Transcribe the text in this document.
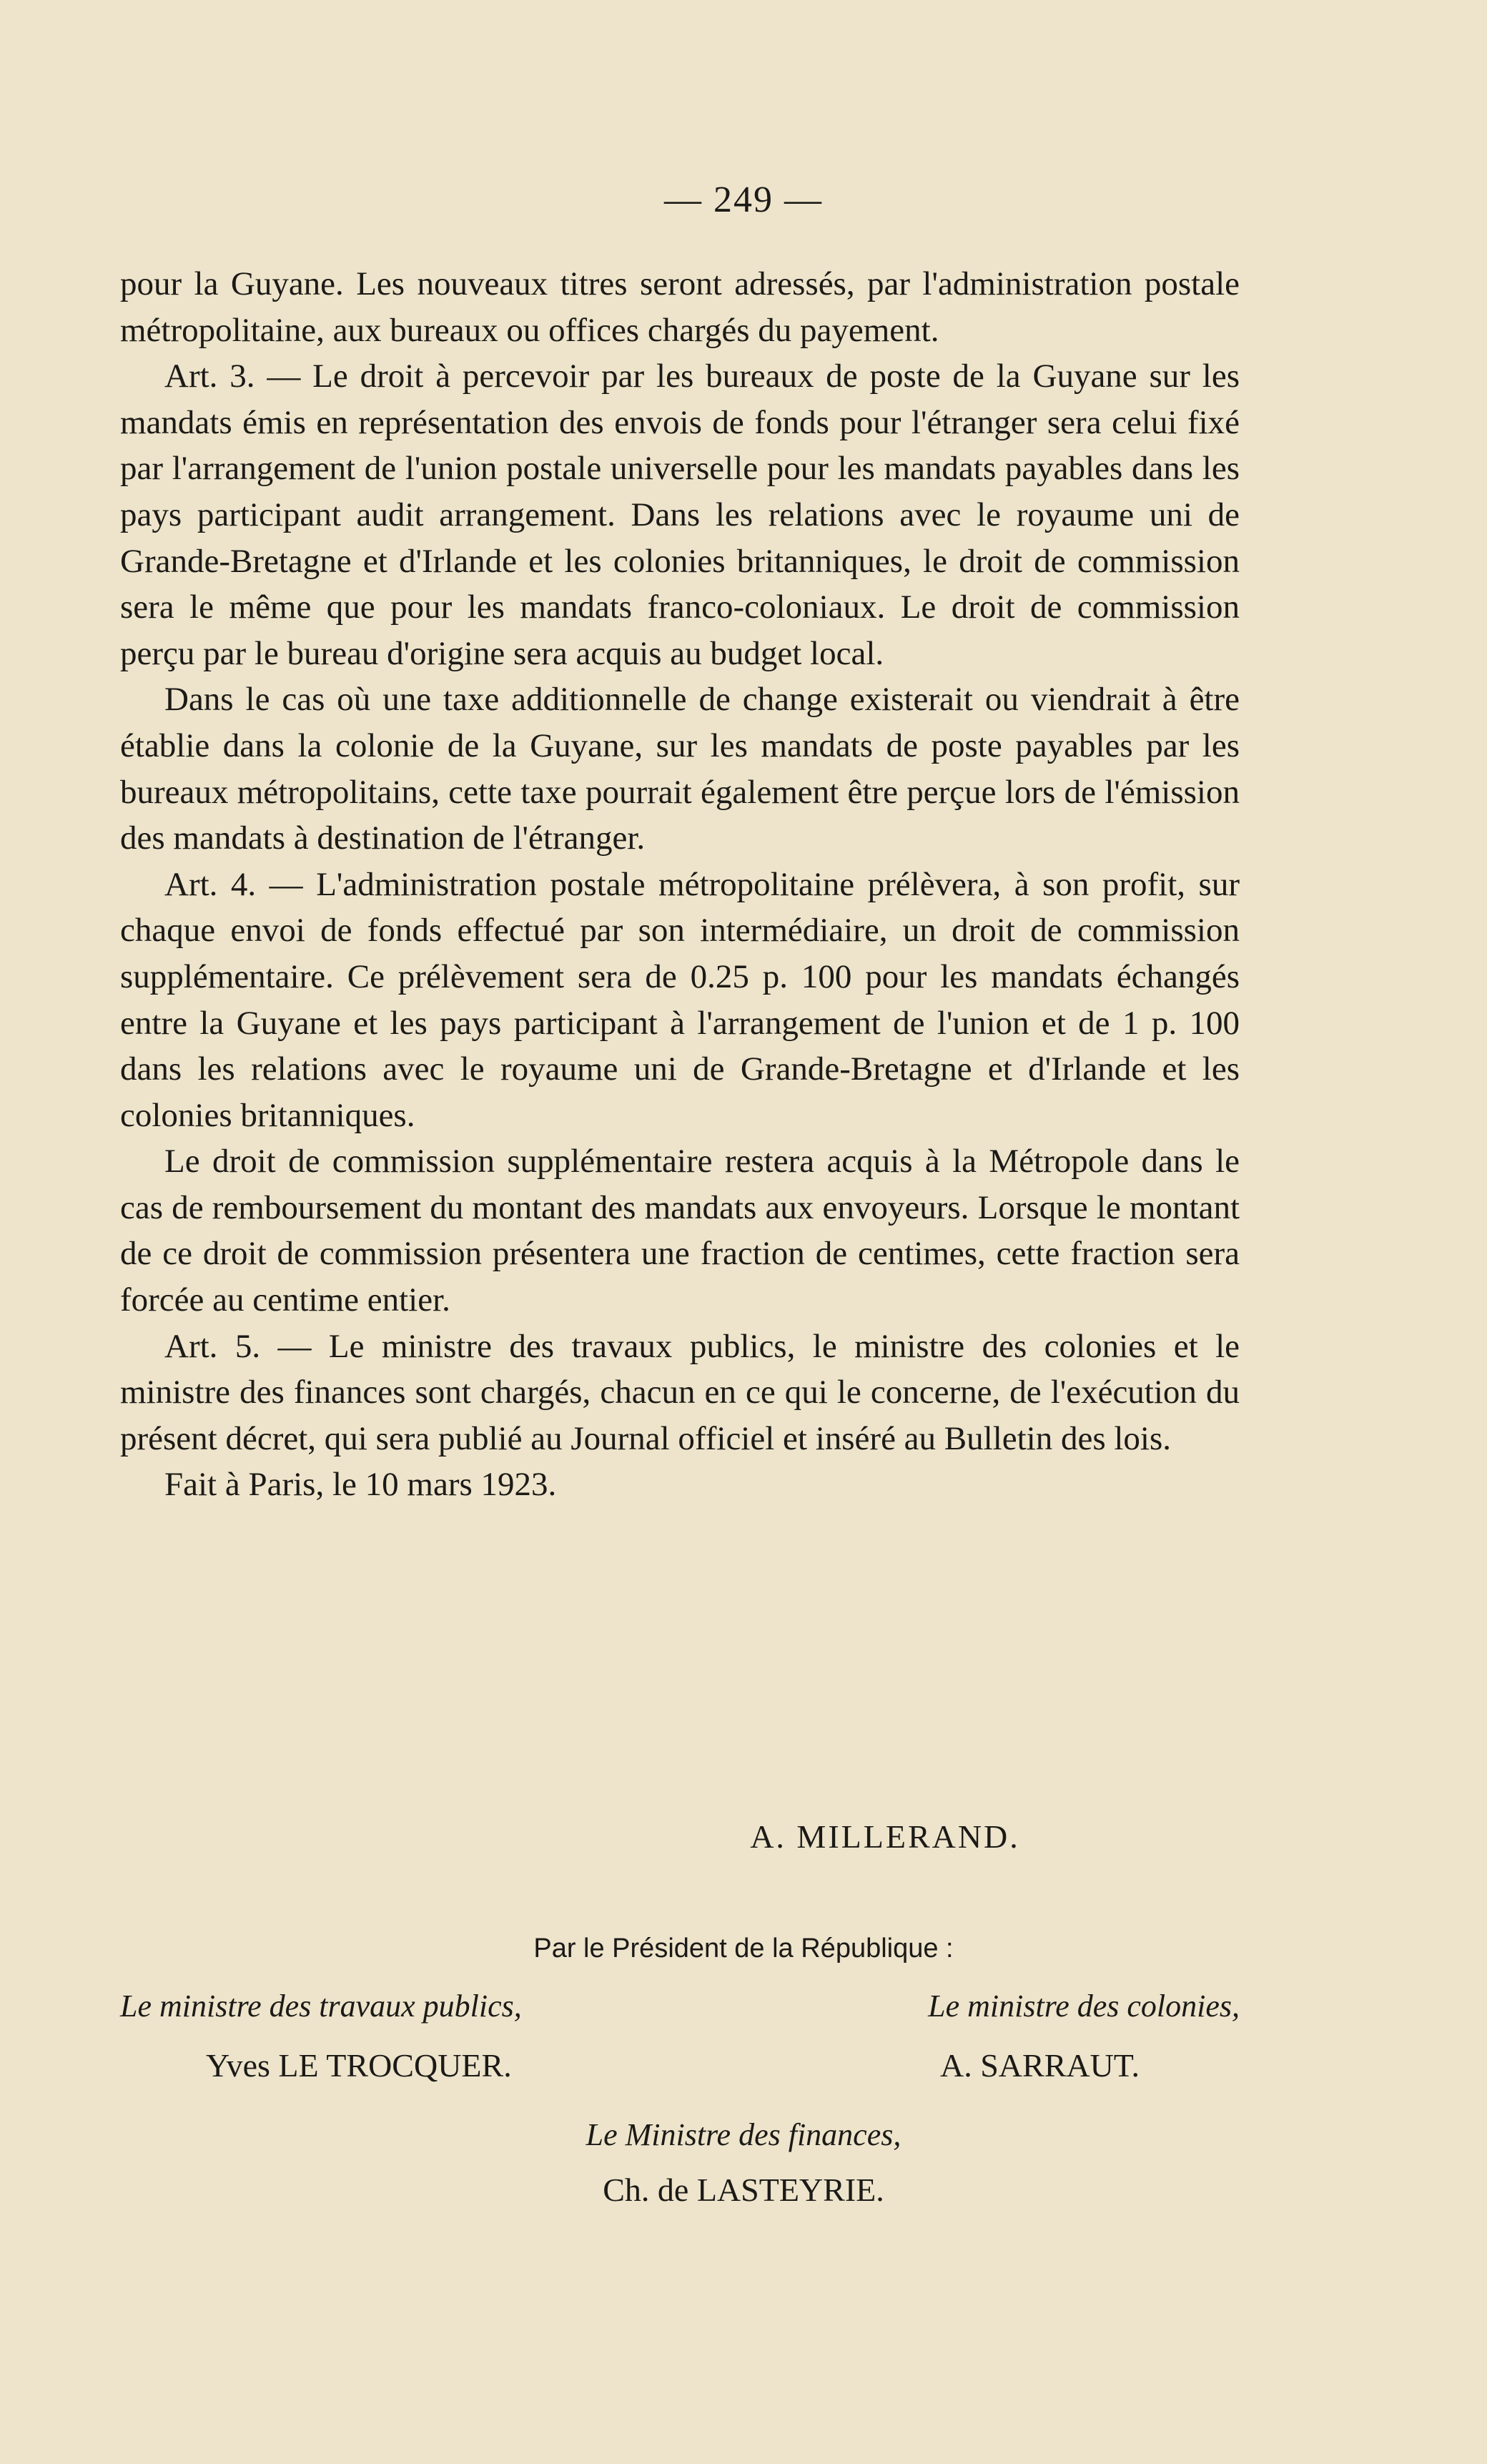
— 249 —

pour la Guyane. Les nouveaux titres seront adressés, par l'administration postale métropolitaine, aux bureaux ou offices chargés du payement.

Art. 3. — Le droit à percevoir par les bureaux de poste de la Guyane sur les mandats émis en représentation des envois de fonds pour l'étranger sera celui fixé par l'arrangement de l'union postale universelle pour les mandats payables dans les pays participant audit arrangement. Dans les relations avec le royaume uni de Grande-Bretagne et d'Irlande et les colonies britanniques, le droit de commission sera le même que pour les mandats franco-coloniaux. Le droit de commission perçu par le bureau d'origine sera acquis au budget local.

Dans le cas où une taxe additionnelle de change existerait ou viendrait à être établie dans la colonie de la Guyane, sur les mandats de poste payables par les bureaux métropolitains, cette taxe pourrait également être perçue lors de l'émission des mandats à destination de l'étranger.

Art. 4. — L'administration postale métropolitaine prélèvera, à son profit, sur chaque envoi de fonds effectué par son intermédiaire, un droit de commission supplémentaire. Ce prélèvement sera de 0.25 p. 100 pour les mandats échangés entre la Guyane et les pays participant à l'arrangement de l'union et de 1 p. 100 dans les relations avec le royaume uni de Grande-Bretagne et d'Irlande et les colonies britanniques.

Le droit de commission supplémentaire restera acquis à la Métropole dans le cas de remboursement du montant des mandats aux envoyeurs. Lorsque le montant de ce droit de commission présentera une fraction de centimes, cette fraction sera forcée au centime entier.

Art. 5. — Le ministre des travaux publics, le ministre des colonies et le ministre des finances sont chargés, chacun en ce qui le concerne, de l'exécution du présent décret, qui sera publié au Journal officiel et inséré au Bulletin des lois.

Fait à Paris, le 10 mars 1923.

A. MILLERAND.
Par le Président de la République :
Le ministre des travaux publics,	Le ministre des colonies,
Yves LE TROCQUER.	A. SARRAUT.
Le Ministre des finances,
Ch. de LASTEYRIE.
